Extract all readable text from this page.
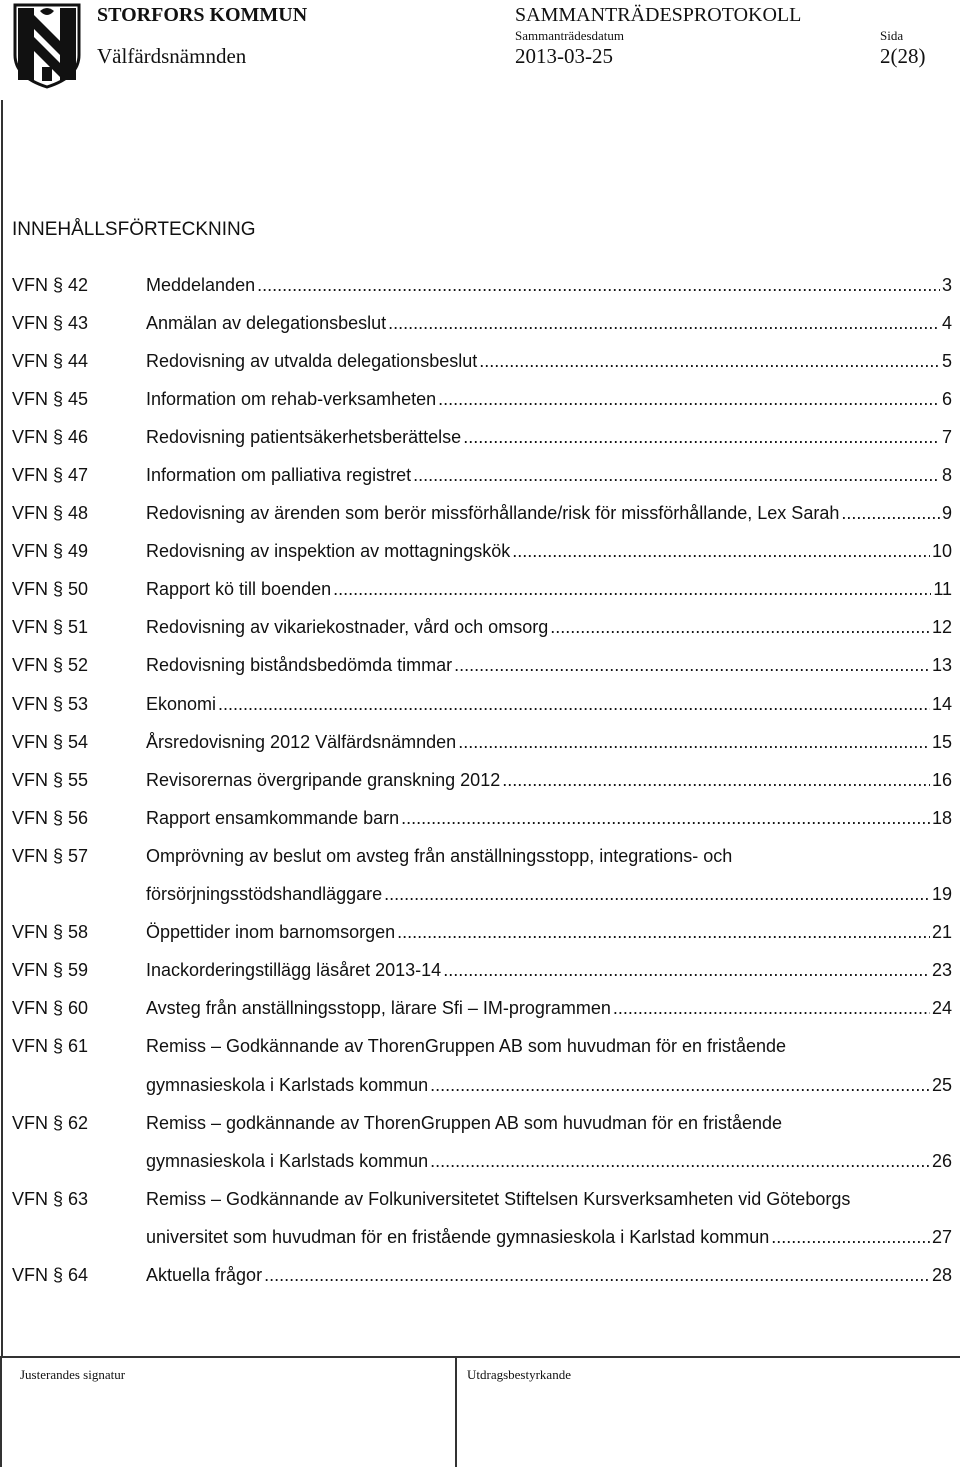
STORFORS KOMMUN
Välfärdsnämnden
SAMMANTRÄDESPROTOKOLL
Sammanträdesdatum
2013-03-25
Sida
2(28)
INNEHÅLLSFÖRTECKNING
VFN § 42	Meddelanden . . .	3
VFN § 43	Anmälan av delegationsbeslut . . .	4
VFN § 44	Redovisning av utvalda delegationsbeslut . . .	5
VFN § 45	Information om rehab-verksamheten . . .	6
VFN § 46	Redovisning patientsäkerhetsberättelse . . .	7
VFN § 47	Information om palliativa registret . . .	8
VFN § 48	Redovisning av ärenden som berör missförhållande/risk för missförhållande, Lex Sarah . . .	9
VFN § 49	Redovisning av inspektion av mottagningskök . . .	10
VFN § 50	Rapport kö till boenden . . .	11
VFN § 51	Redovisning av vikariekostnader, vård och omsorg . . .	12
VFN § 52	Redovisning biståndsbedömda timmar . . .	13
VFN § 53	Ekonomi . . .	14
VFN § 54	Årsredovisning 2012 Välfärdsnämnden . . .	15
VFN § 55	Revisorernas övergripande granskning 2012 . . .	16
VFN § 56	Rapport ensamkommande barn . . .	18
VFN § 57	Omprövning av beslut om avsteg från anställningsstopp, integrations- och
försörjningsstödshandläggare . . .	19
VFN § 58	Öppettider inom barnomsorgen . . .	21
VFN § 59	Inackorderingstillägg läsåret 2013-14 . . .	23
VFN § 60	Avsteg från anställningsstopp, lärare Sfi – IM-programmen . . .	24
VFN § 61	Remiss – Godkännande av ThorenGruppen AB som huvudman för en fristående
gymnasieskola i Karlstads kommun . . .	25
VFN § 62	Remiss – godkännande av ThorenGruppen AB som huvudman för en fristående
gymnasieskola i Karlstads kommun . . .	26
VFN § 63	Remiss – Godkännande av Folkuniversitetet Stiftelsen Kursverksamheten vid Göteborgs
universitet som huvudman för en fristående gymnasieskola i Karlstad kommun . . .	27
VFN § 64	Aktuella frågor . . .	28
Justerandes signatur	Utdragsbestyrkande
